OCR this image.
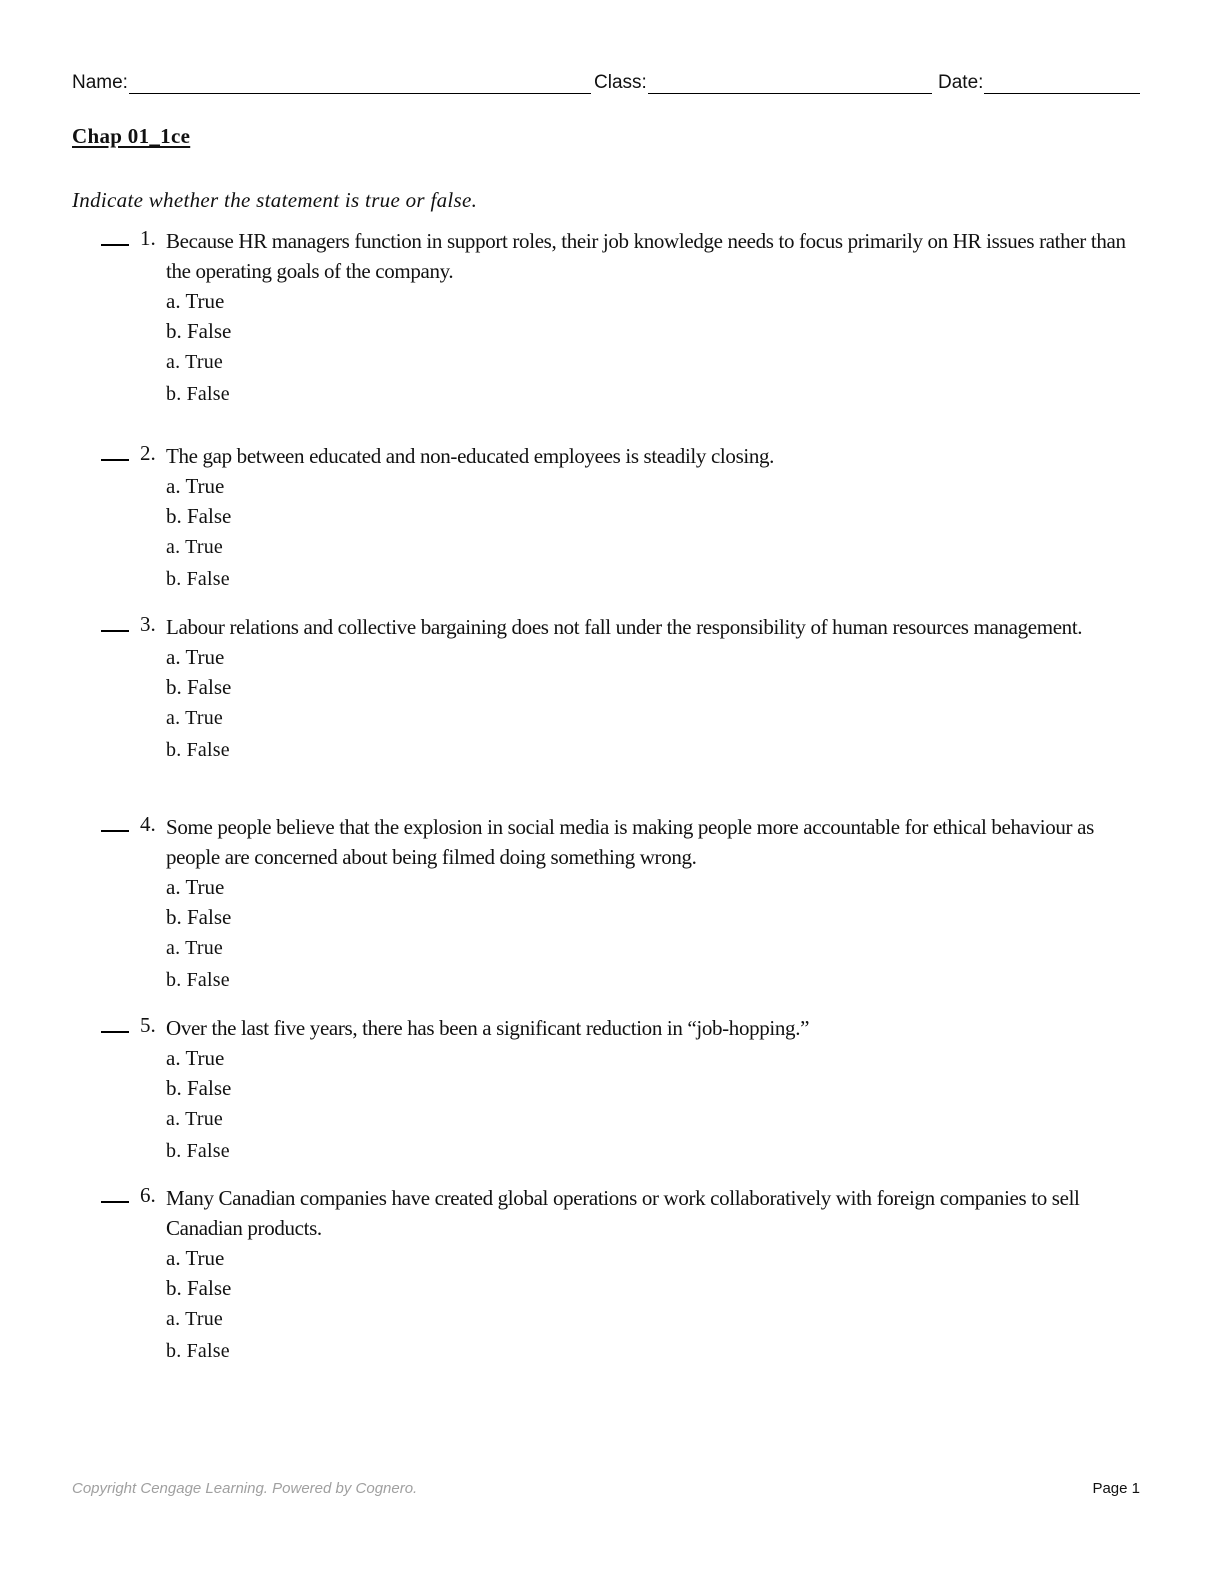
Name:	Class:	Date:
Chap 01_1ce
Indicate whether the statement is true or false.
1. Because HR managers function in support roles, their job knowledge needs to focus primarily on HR issues rather than the operating goals of the company.
a. True
b. False
a. True
b. False
2. The gap between educated and non-educated employees is steadily closing.
a. True
b. False
a. True
b. False
3. Labour relations and collective bargaining does not fall under the responsibility of human resources management.
a. True
b. False
a. True
b. False
4. Some people believe that the explosion in social media is making people more accountable for ethical behaviour as people are concerned about being filmed doing something wrong.
a. True
b. False
a. True
b. False
5. Over the last five years, there has been a significant reduction in “job-hopping.”
a. True
b. False
a. True
b. False
6. Many Canadian companies have created global operations or work collaboratively with foreign companies to sell Canadian products.
a. True
b. False
a. True
b. False
Copyright Cengage Learning. Powered by Cognero.	Page 1
